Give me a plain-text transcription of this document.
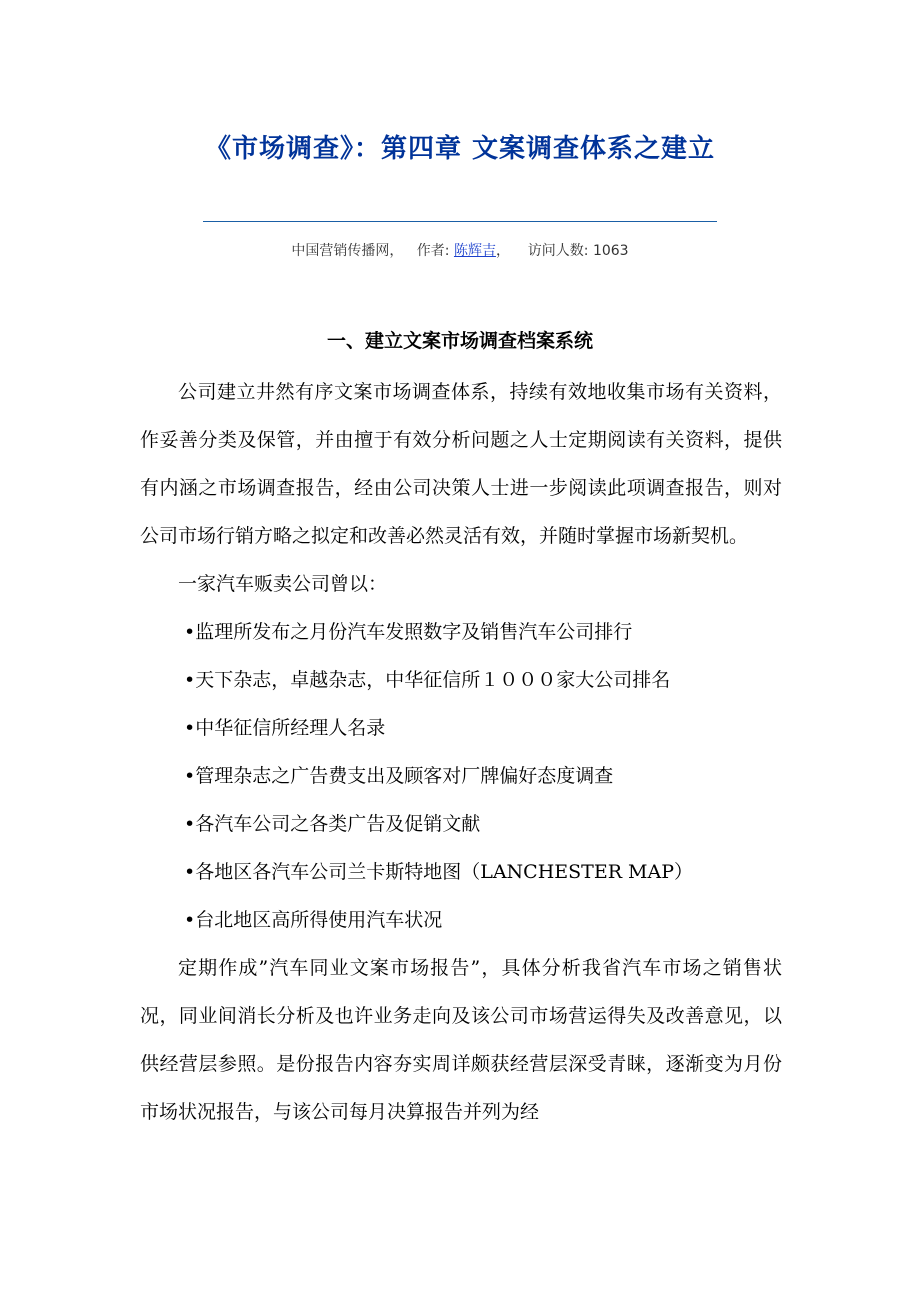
《市场调查》：第四章 文案调查体系之建立
中国营销传播网， 作者: 陈辉吉， 访问人数: 1063
一、建立文案市场调查档案系统

公司建立井然有序文案市场调查体系，持续有效地收集市场有关资料，作妥善分类及保管，并由擅于有效分析问题之人士定期阅读有关资料，提供有内涵之市场调查报告，经由公司决策人士进一步阅读此项调查报告，则对公司市场行销方略之拟定和改善必然灵活有效，并随时掌握市场新契机。

一家汽车贩卖公司曾以：

•监理所发布之月份汽车发照数字及销售汽车公司排行
•天下杂志，卓越杂志，中华征信所１０００家大公司排名
•中华征信所经理人名录
•管理杂志之广告费支出及顾客对厂牌偏好态度调查
•各汽车公司之各类广告及促销文献
•各地区各汽车公司兰卡斯特地图（LANCHESTER MAP）
•台北地区高所得使用汽车状况

定期作成”汽车同业文案市场报告”，具体分析我省汽车市场之销售状况，同业间消长分析及也许业务走向及该公司市场营运得失及改善意见，以供经营层参照。是份报告内容夯实周详颇获经营层深受青睐，逐渐变为月份市场状况报告，与该公司每月决算报告并列为经
